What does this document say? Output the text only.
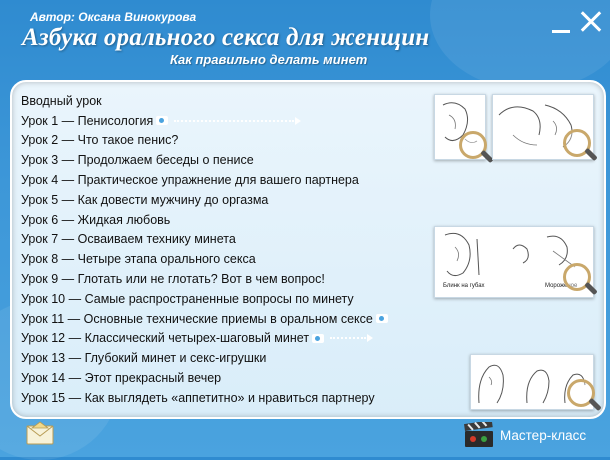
Автор: Оксана Винокурова
Азбука орального секса для женщин
Как правильно делать минет
Вводный урок
Урок 1 — Пенисология
Урок 2 — Что такое пенис?
Урок 3 — Продолжаем беседы о пенисе
Урок 4 — Практическое упражнение для вашего партнера
Урок 5 — Как довести мужчину до оргазма
Урок 6 — Жидкая любовь
Урок 7 — Осваиваем технику минета
Урок 8 — Четыре этапа орального секса
Урок 9 — Глотать или не глотать? Вот в чем вопрос!
Урок 10 — Самые распространенные вопросы по минету
Урок 11 — Основные технические приемы в оральном сексе
Урок 12 — Классический четырех-шаговый минет
Урок 13 — Глубокий минет и секс-игрушки
Урок 14 — Этот прекрасный вечер
Урок 15 — Как выглядеть «аппетитно» и нравиться партнеру
Блинк на губах	Мороженое
Мастер-класс
